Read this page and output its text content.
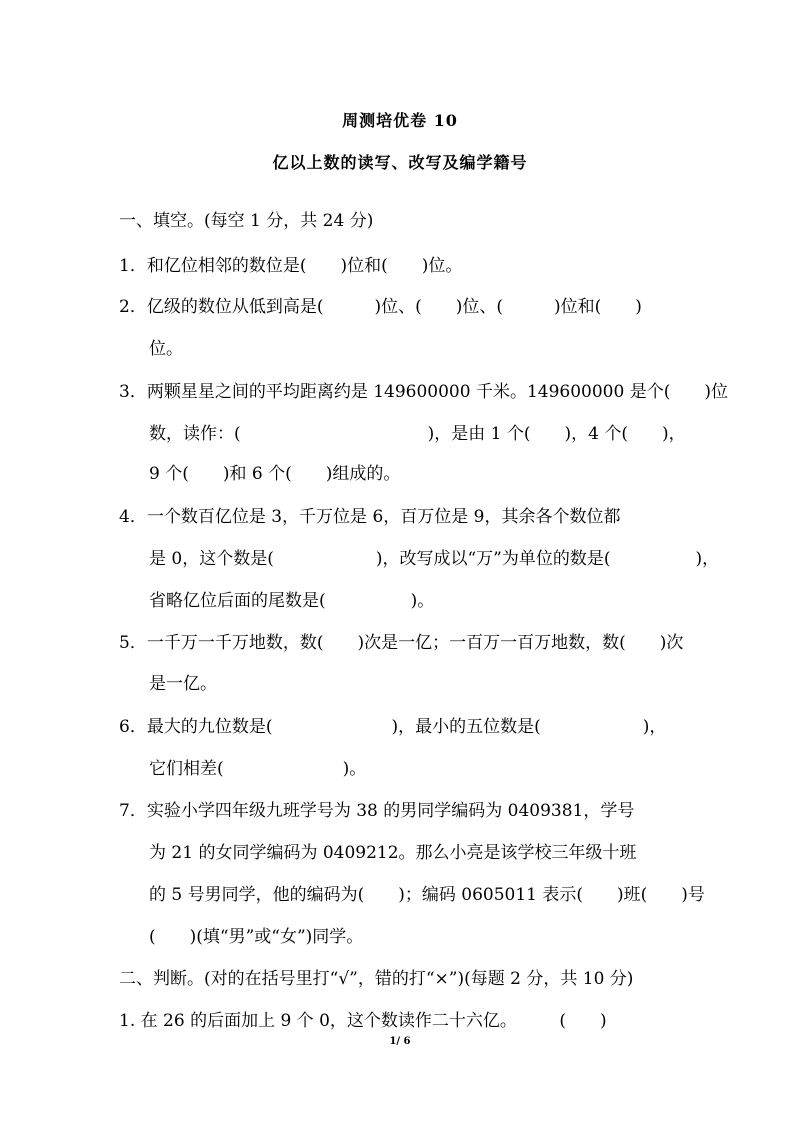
周测培优卷 10
亿以上数的读写、改写及编学籍号
一、填空。(每空 1 分，共 24 分)
1．和亿位相邻的数位是(　　)位和(　　)位。
2．亿级的数位从低到高是(　　　)位、(　　)位、(　　　)位和(　　)
位。
3．两颗星星之间的平均距离约是 149600000 千米。149600000 是个(　　)位
数，读作：(　　　　　　　　　　　)，是由 1 个(　　)，4 个(　　)，
9 个(　　)和 6 个(　　)组成的。
4．一个数百亿位是 3，千万位是 6，百万位是 9，其余各个数位都
是 0，这个数是(　　　　　　)，改写成以“万”为单位的数是(　　　　　)，
省略亿位后面的尾数是(　　　　　)。
5．一千万一千万地数，数(　　)次是一亿；一百万一百万地数，数(　　)次
是一亿。
6．最大的九位数是(　　　　　　　)，最小的五位数是(　　　　　　)，
它们相差(　　　　　　　)。
7．实验小学四年级九班学号为 38 的男同学编码为 0409381，学号
为 21 的女同学编码为 0409212。那么小亮是该学校三年级十班
的 5 号男同学，他的编码为(　　)；编码 0605011 表示(　　)班(　　)号
(　　)(填“男”或“女”)同学。
二、判断。(对的在括号里打“√”，错的打“×”)(每题 2 分，共 10 分)
1. 在 26 的后面加上 9 个 0，这个数读作二十六亿。　　　(　　)
1/ 6
